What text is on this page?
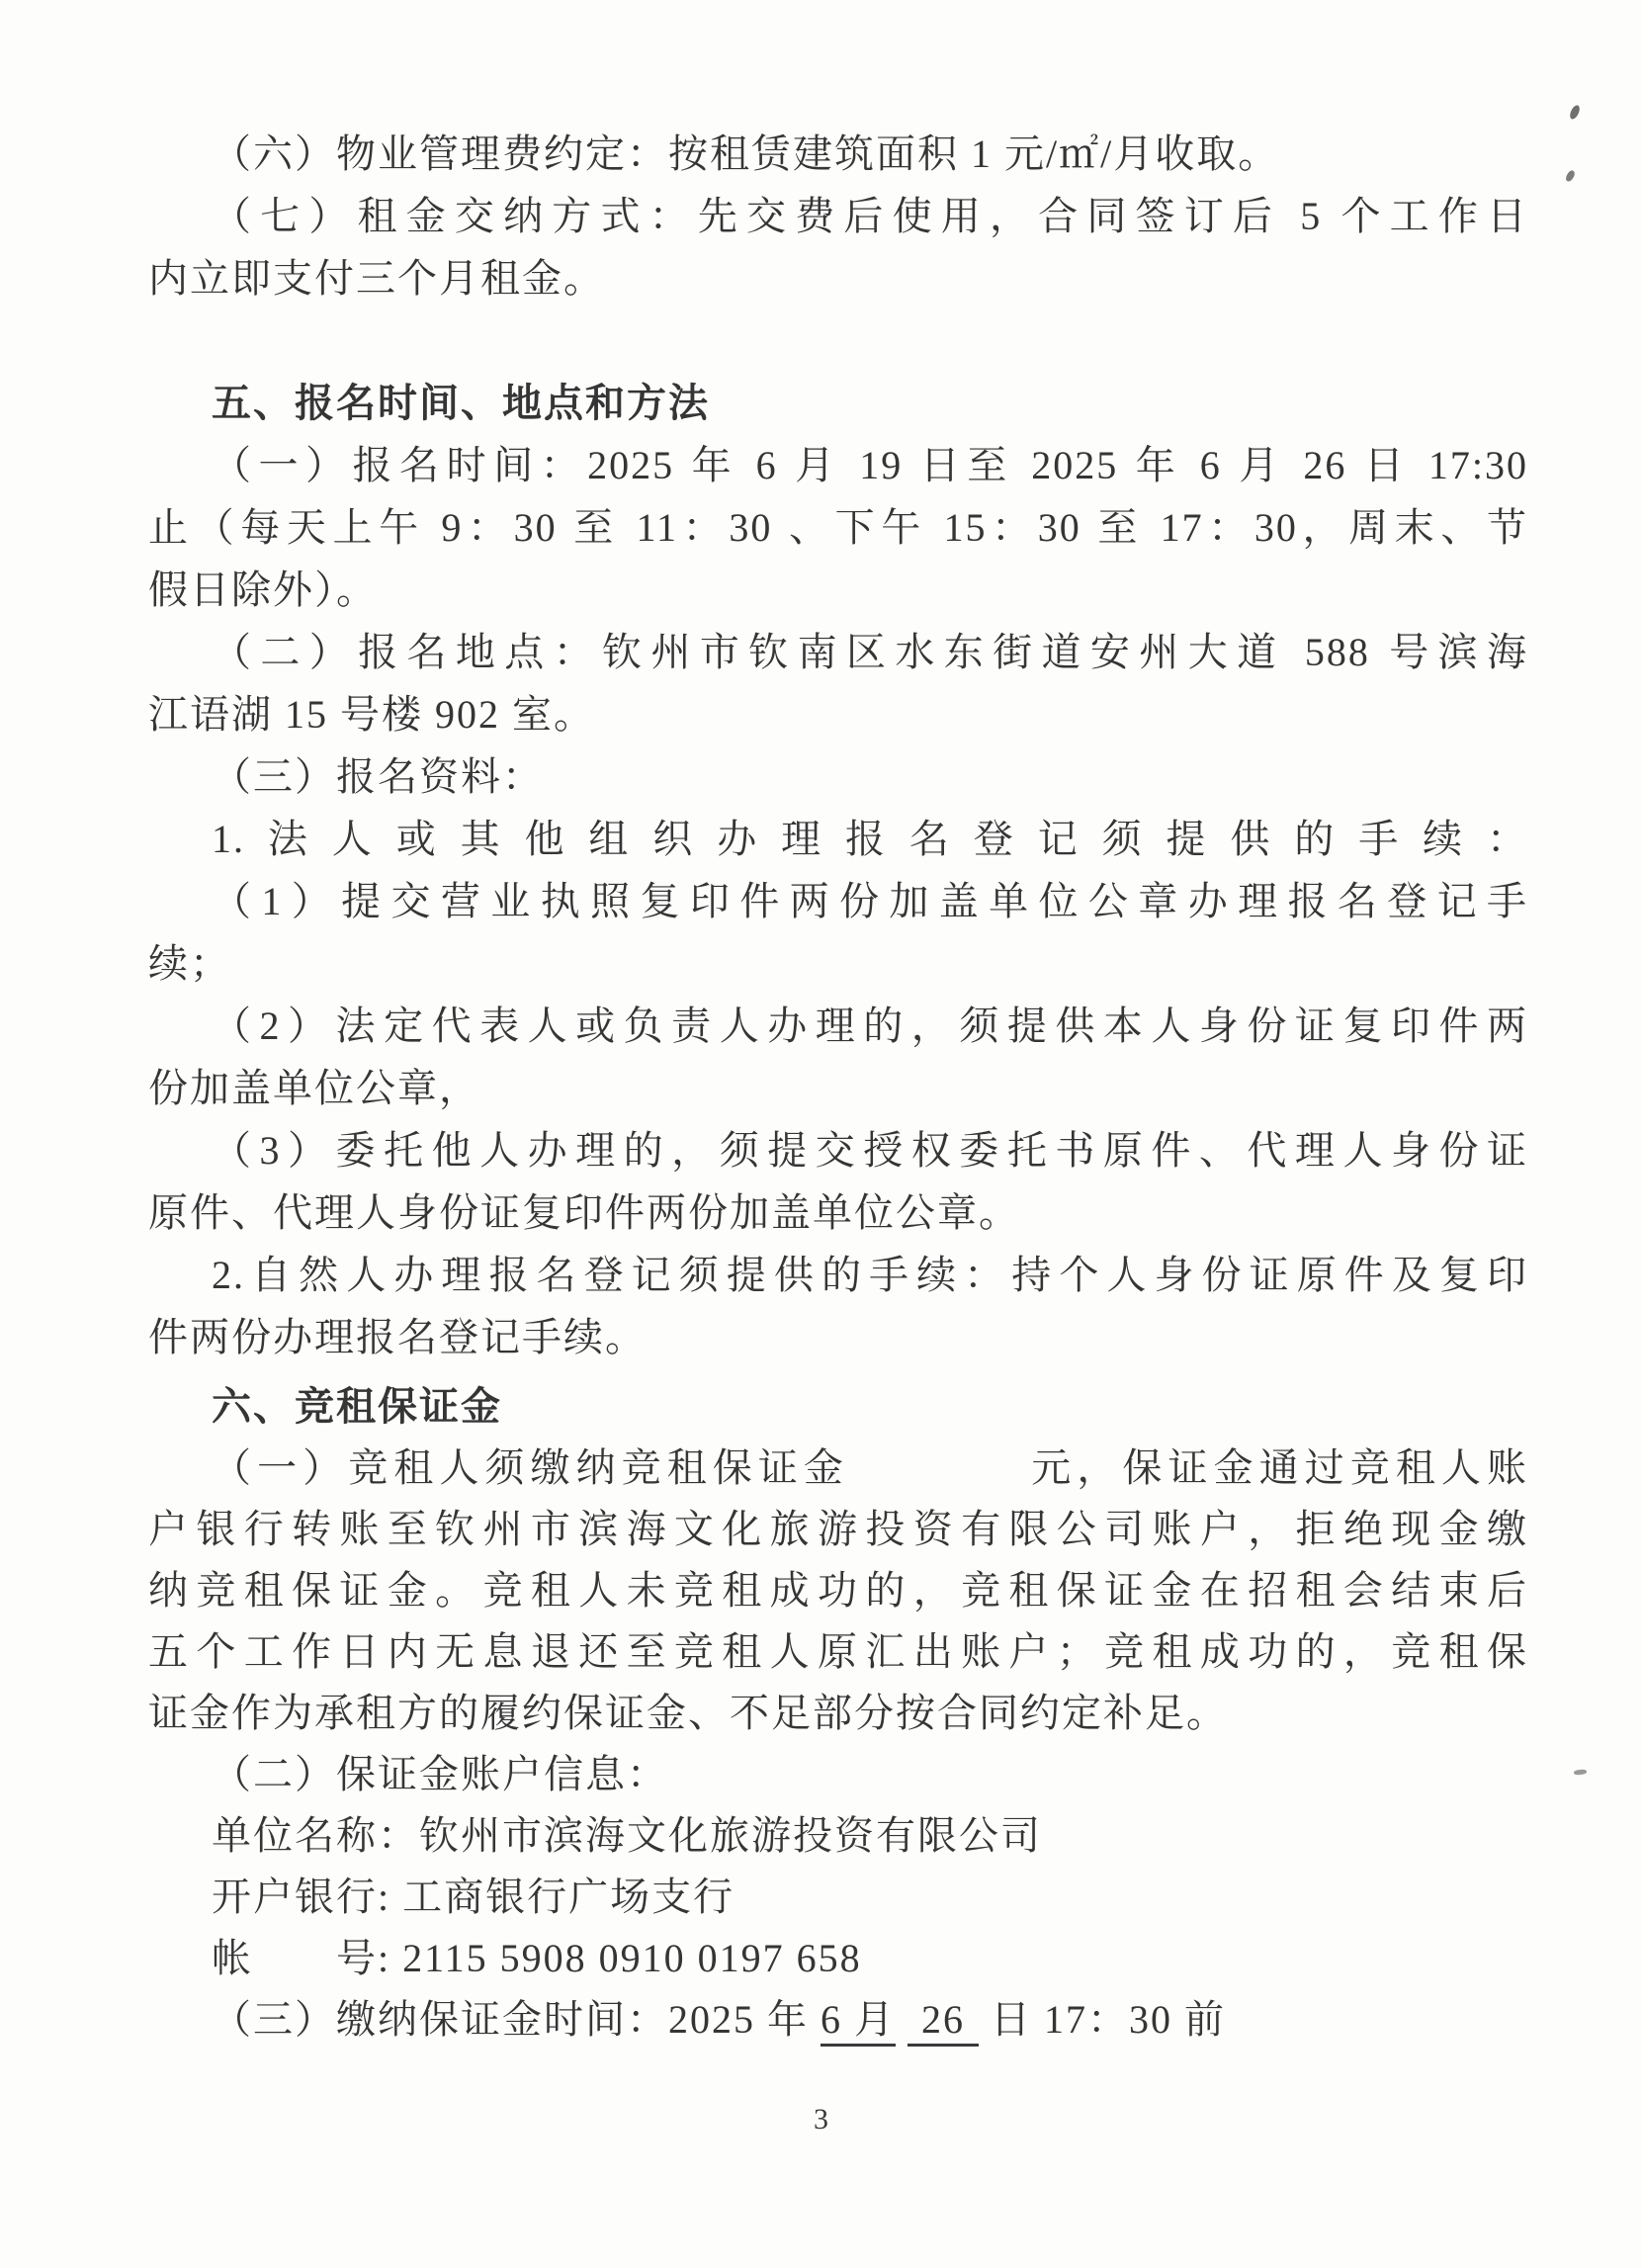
（六）物业管理费约定：按租赁建筑面积 1 元/㎡/月收取。

（七）租金交纳方式：先交费后使用，合同签订后 5 个工作日

内立即支付三个月租金。

五、报名时间、地点和方法

（一）报名时间：2025 年 6 月 19 日至 2025 年 6 月 26 日 17:30

止（每天上午 9：30 至 11：30 、下午 15：30 至 17：30，周末、节

假日除外）。

（二）报名地点：钦州市钦南区水东街道安州大道 588 号滨海

江语湖 15 号楼 902 室。

（三）报名资料：

1.法人或其他组织办理报名登记须提供的手续：

（1）提交营业执照复印件两份加盖单位公章办理报名登记手

续；

（2）法定代表人或负责人办理的，须提供本人身份证复印件两

份加盖单位公章，

（3）委托他人办理的，须提交授权委托书原件、代理人身份证

原件、代理人身份证复印件两份加盖单位公章。

2.自然人办理报名登记须提供的手续：持个人身份证原件及复印

件两份办理报名登记手续。

六、竞租保证金

（一）竞租人须缴纳竞租保证金　　　　元，保证金通过竞租人账

户银行转账至钦州市滨海文化旅游投资有限公司账户，拒绝现金缴

纳竞租保证金。竞租人未竞租成功的，竞租保证金在招租会结束后

五个工作日内无息退还至竞租人原汇出账户；竞租成功的，竞租保

证金作为承租方的履约保证金、不足部分按合同约定补足。

（二）保证金账户信息：

单位名称：钦州市滨海文化旅游投资有限公司

开户银行: 工商银行广场支行

帐　　号: 2115 5908 0910 0197 658

（三）缴纳保证金时间：2025 年 6 月 26 日 17：30 前

3
